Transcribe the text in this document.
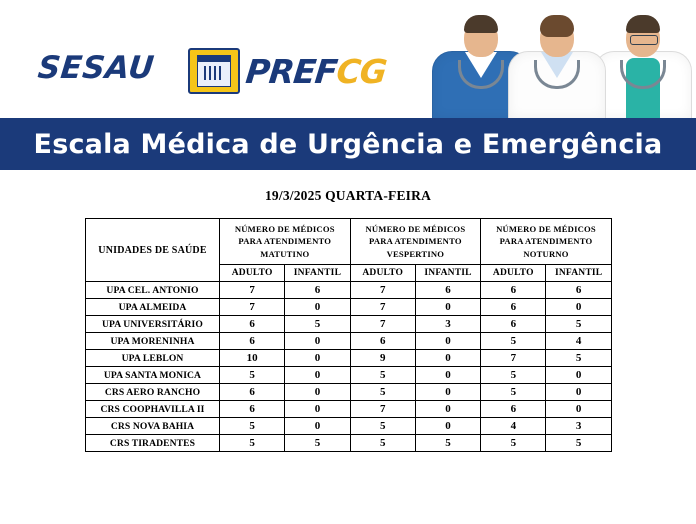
SESAU	PREFCG
Escala Médica de Urgência e Emergência
19/3/2025 QUARTA-FEIRA
UNIDADES DE SAÚDE	NÚMERO DE MÉDICOS PARA ATENDIMENTO MATUTINO		NÚMERO DE MÉDICOS PARA ATENDIMENTO VESPERTINO		NÚMERO DE MÉDICOS PARA ATENDIMENTO NOTURNO	
	ADULTO	INFANTIL	ADULTO	INFANTIL	ADULTO	INFANTIL
UPA CEL. ANTONIO	7	6	7	6	6	6
UPA ALMEIDA	7	0	7	0	6	0
UPA UNIVERSITÁRIO	6	5	7	3	6	5
UPA MORENINHA	6	0	6	0	5	4
UPA LEBLON	10	0	9	0	7	5
UPA SANTA MONICA	5	0	5	0	5	0
CRS AERO RANCHO	6	0	5	0	5	0
CRS COOPHAVILLA II	6	0	7	0	6	0
CRS NOVA BAHIA	5	0	5	0	4	3
CRS TIRADENTES	5	5	5	5	5	5
